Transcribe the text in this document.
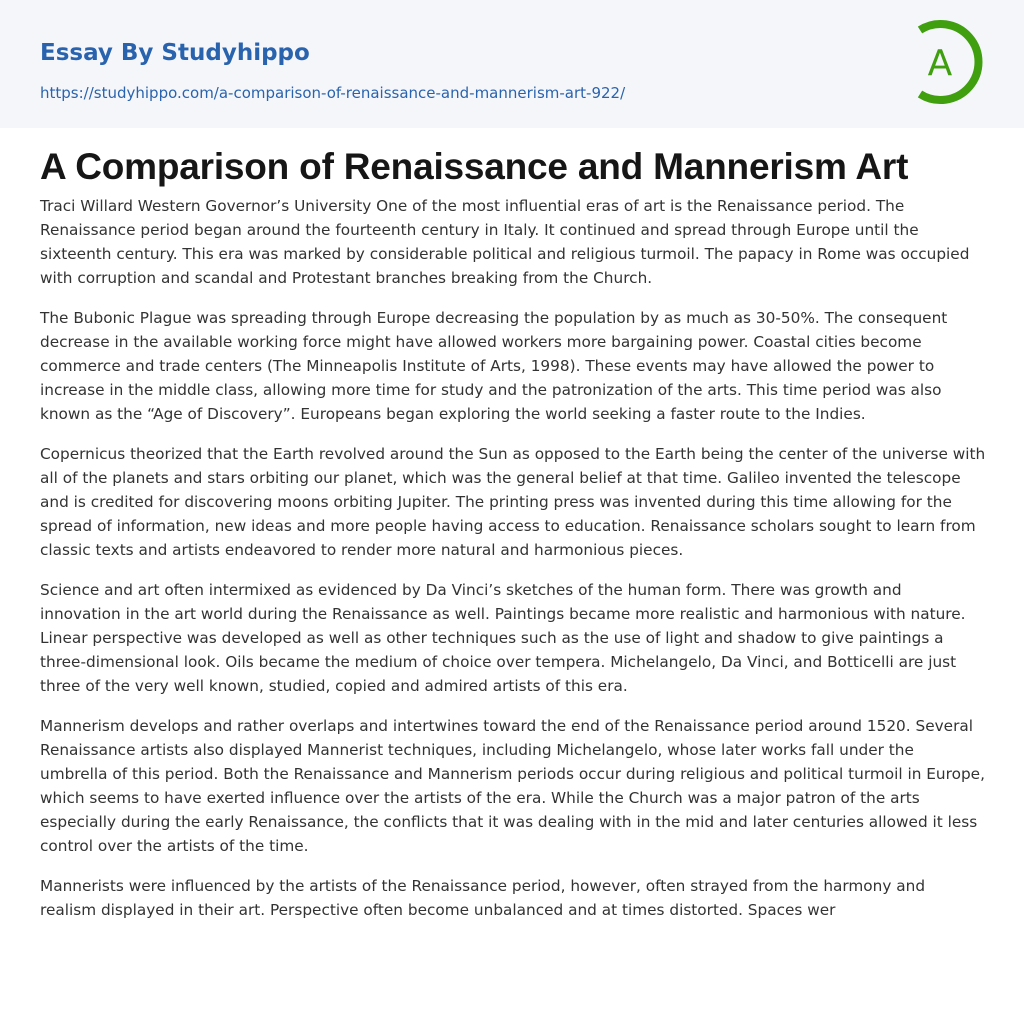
Essay By Studyhippo
https://studyhippo.com/a-comparison-of-renaissance-and-mannerism-art-922/
A
A Comparison of Renaissance and Mannerism Art

Traci Willard Western Governor’s University One of the most influential eras of art is the Renaissance period. The Renaissance period began around the fourteenth century in Italy. It continued and spread through Europe until the sixteenth century. This era was marked by considerable political and religious turmoil. The papacy in Rome was occupied with corruption and scandal and Protestant branches breaking from the Church.

The Bubonic Plague was spreading through Europe decreasing the population by as much as 30-50%. The consequent decrease in the available working force might have allowed workers more bargaining power. Coastal cities become commerce and trade centers (The Minneapolis Institute of Arts, 1998). These events may have allowed the power to increase in the middle class, allowing more time for study and the patronization of the arts. This time period was also known as the “Age of Discovery”. Europeans began exploring the world seeking a faster route to the Indies.

Copernicus theorized that the Earth revolved around the Sun as opposed to the Earth being the center of the universe with all of the planets and stars orbiting our planet, which was the general belief at that time. Galileo invented the telescope and is credited for discovering moons orbiting Jupiter. The printing press was invented during this time allowing for the spread of information, new ideas and more people having access to education. Renaissance scholars sought to learn from classic texts and artists endeavored to render more natural and harmonious pieces.

Science and art often intermixed as evidenced by Da Vinci’s sketches of the human form. There was growth and innovation in the art world during the Renaissance as well. Paintings became more realistic and harmonious with nature. Linear perspective was developed as well as other techniques such as the use of light and shadow to give paintings a three-dimensional look. Oils became the medium of choice over tempera. Michelangelo, Da Vinci, and Botticelli are just three of the very well known, studied, copied and admired artists of this era.

Mannerism develops and rather overlaps and intertwines toward the end of the Renaissance period around 1520. Several Renaissance artists also displayed Mannerist techniques, including Michelangelo, whose later works fall under the umbrella of this period. Both the Renaissance and Mannerism periods occur during religious and political turmoil in Europe, which seems to have exerted influence over the artists of the era. While the Church was a major patron of the arts especially during the early Renaissance, the conflicts that it was dealing with in the mid and later centuries allowed it less control over the artists of the time.

Mannerists were influenced by the artists of the Renaissance period, however, often strayed from the harmony and realism displayed in their art. Perspective often become unbalanced and at times distorted. Spaces wer
